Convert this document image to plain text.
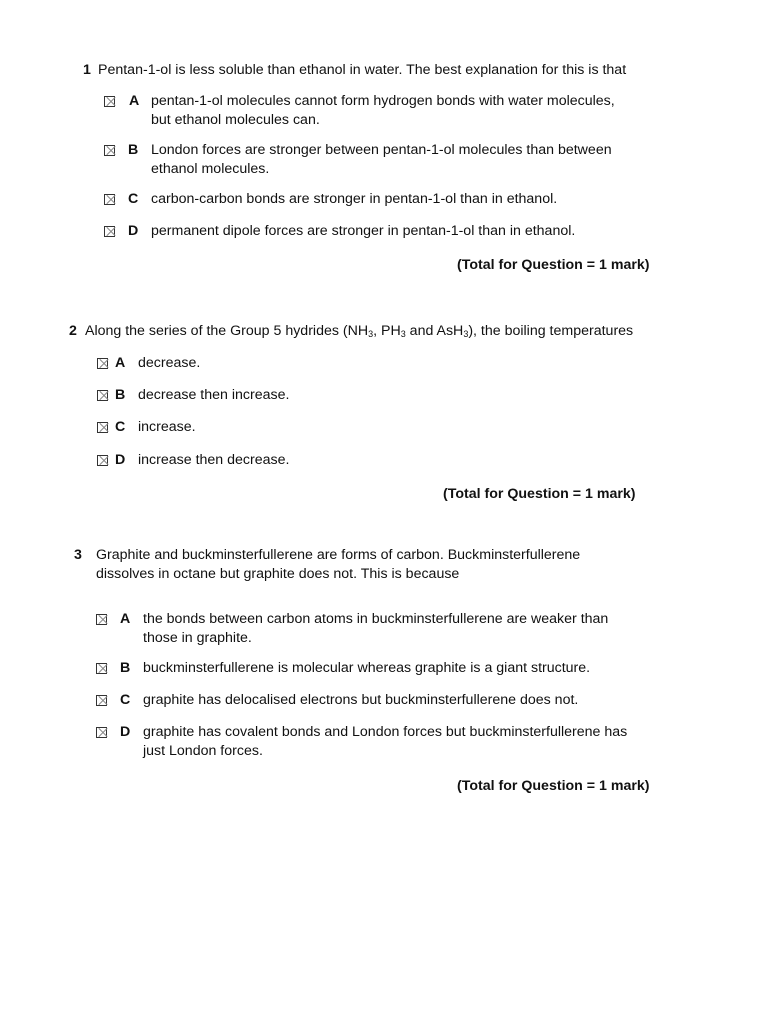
1 Pentan-1-ol is less soluble than ethanol in water. The best explanation for this is that
A pentan-1-ol molecules cannot form hydrogen bonds with water molecules,
but ethanol molecules can.
B London forces are stronger between pentan-1-ol molecules than between
ethanol molecules.
C carbon-carbon bonds are stronger in pentan-1-ol than in ethanol.
D permanent dipole forces are stronger in pentan-1-ol than in ethanol.
(Total for Question = 1 mark)
2 Along the series of the Group 5 hydrides ($NH_3$, $PH_3$ and AsH$_3$), the boiling temperatures
A decrease.
B decrease then increase.
C increase.
D increase then decrease.
(Total for Question = 1 mark)
3 Graphite and buckminsterfullerene are forms of carbon. Buckminsterfullerene
dissolves in octane but graphite does not. This is because
A the bonds between carbon atoms in buckminsterfullerene are weaker than
those in graphite.
B buckminsterfullerene is molecular whereas graphite is a giant structure.
C graphite has delocalised electrons but buckminsterfullerene does not.
D graphite has covalent bonds and London forces but buckminsterfullerene has
just London forces.
(Total for Question = 1 mark)
